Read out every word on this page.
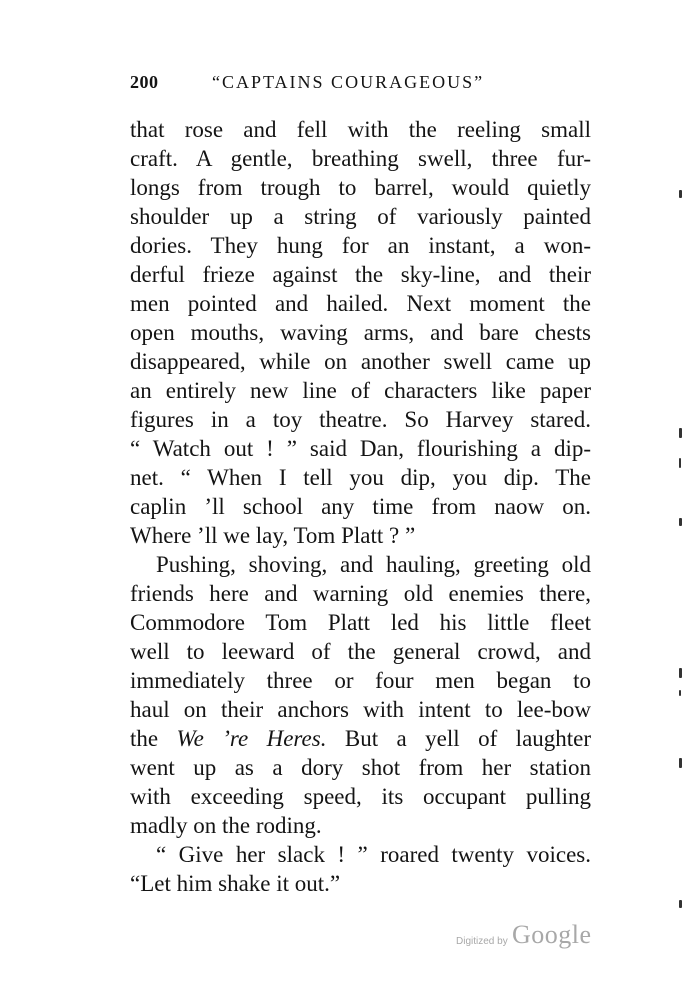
200	“CAPTAINS COURAGEOUS”
that rose and fell with the reeling small
craft. A gentle, breathing swell, three fur-
longs from trough to barrel, would quietly
shoulder up a string of variously painted
dories. They hung for an instant, a won-
derful frieze against the sky-line, and their
men pointed and hailed. Next moment the
open mouths, waving arms, and bare chests
disappeared, while on another swell came up
an entirely new line of characters like paper
figures in a toy theatre. So Harvey stared.
“ Watch out ! ” said Dan, flourishing a dip-
net. “ When I tell you dip, you dip. The
caplin ’ll school any time from naow on.
Where ’ll we lay, Tom Platt ? ”
Pushing, shoving, and hauling, greeting old
friends here and warning old enemies there,
Commodore Tom Platt led his little fleet
well to leeward of the general crowd, and
immediately three or four men began to
haul on their anchors with intent to lee-bow
the We ’re Heres. But a yell of laughter
went up as a dory shot from her station
with exceeding speed, its occupant pulling
madly on the roding.
“ Give her slack ! ” roared twenty voices.
“Let him shake it out.”
Digitized by Google
